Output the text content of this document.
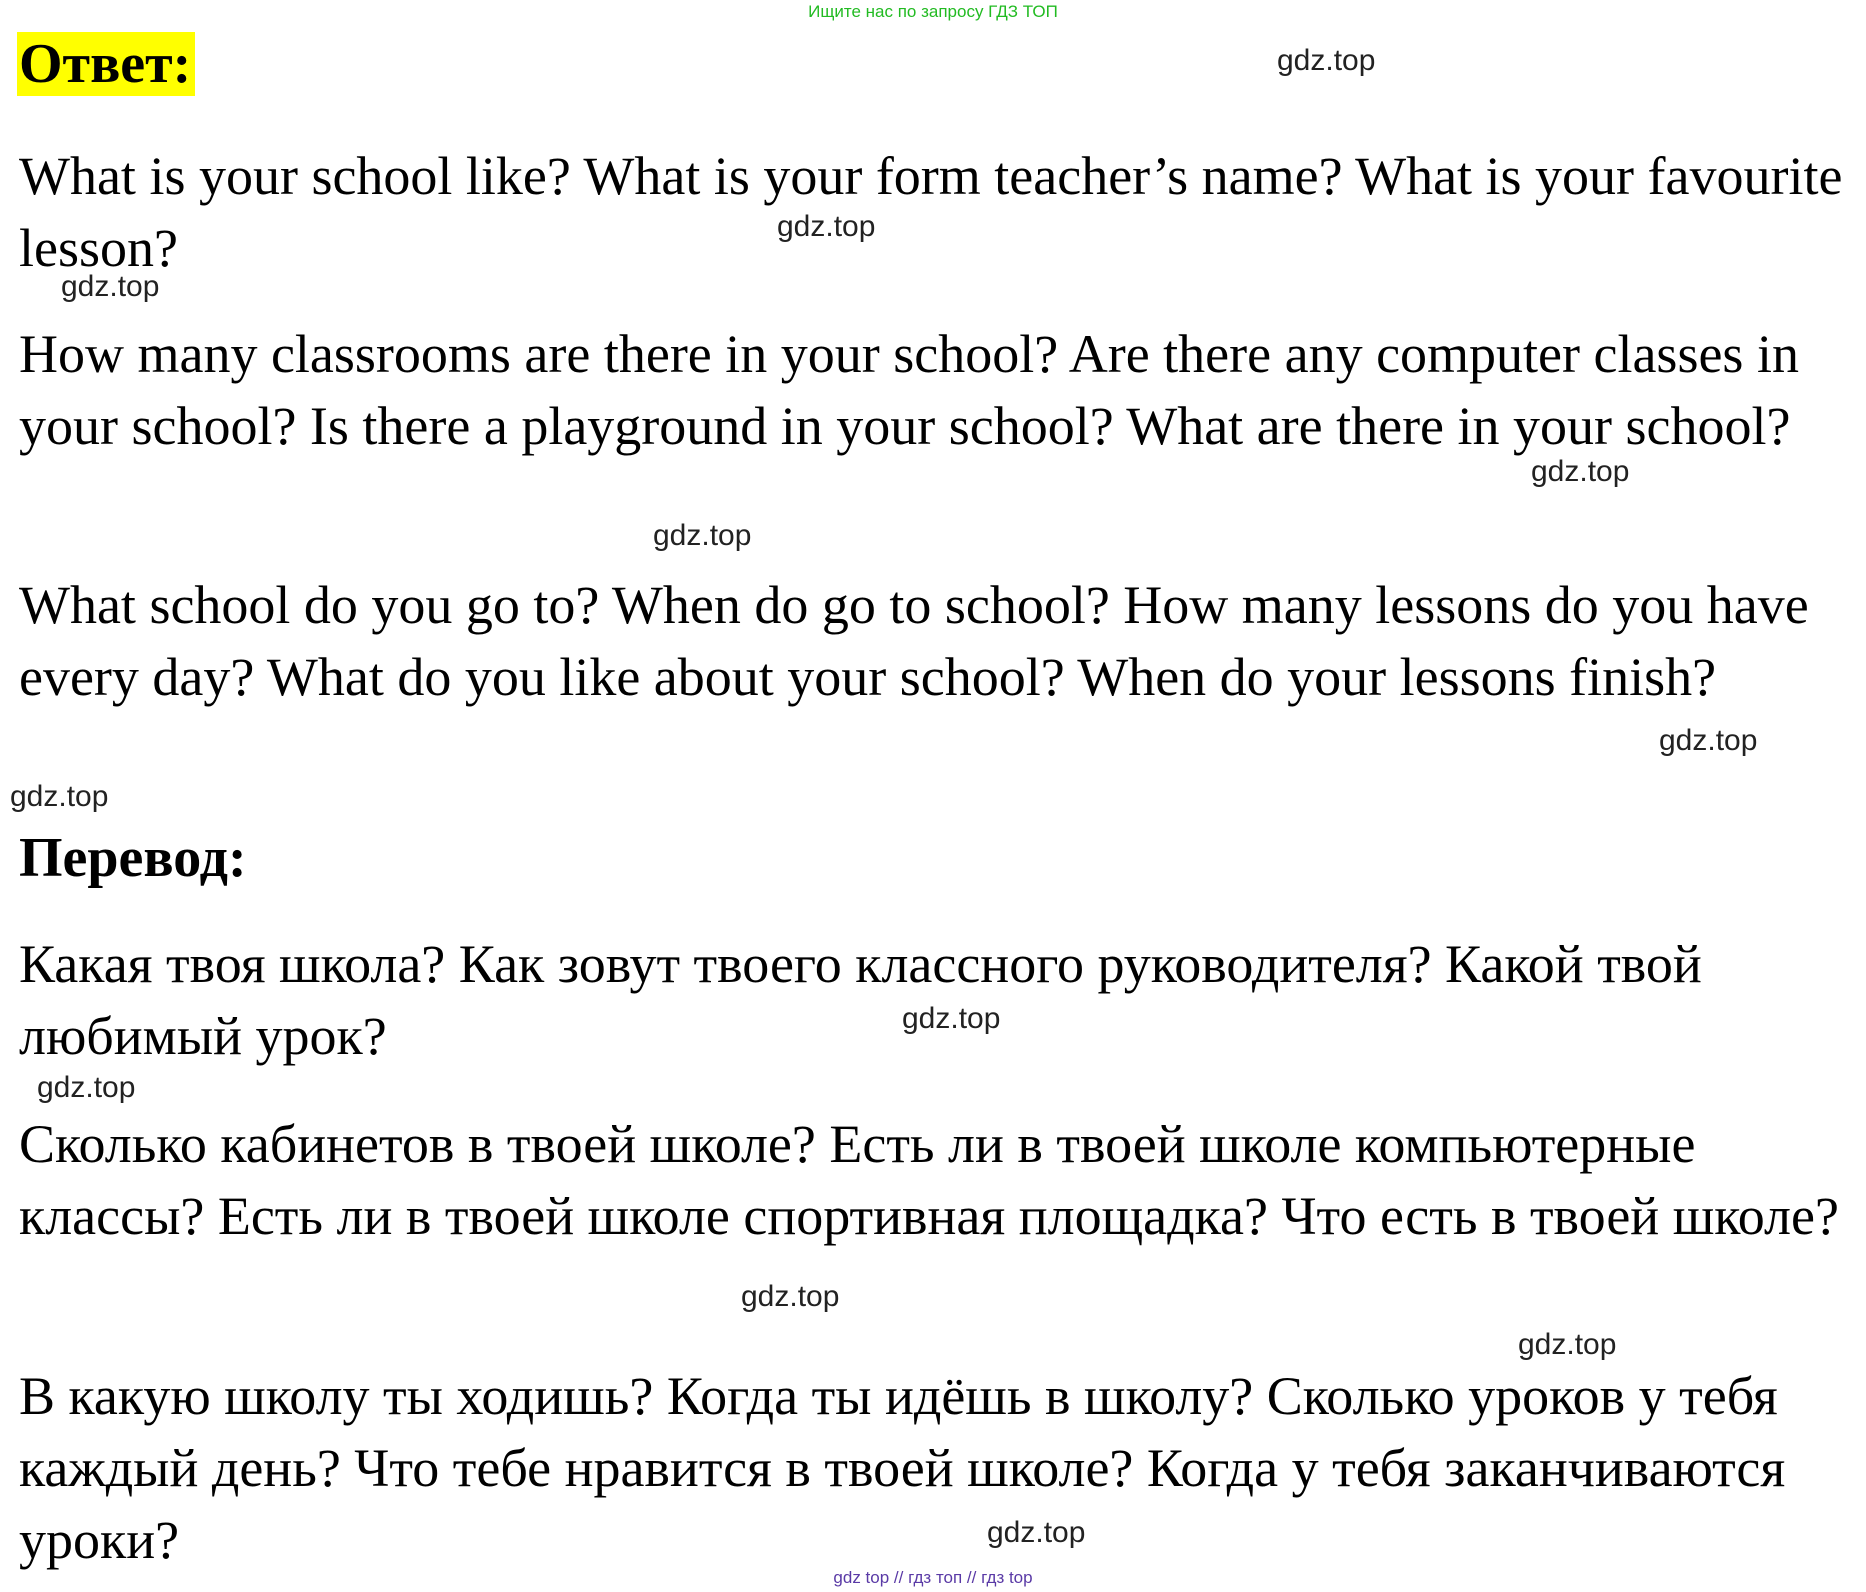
Ищите нас по запросу ГДЗ ТОП
Ответ:

What is your school like? What is your form teacher’s name? What is your favourite lesson?

How many classrooms are there in your school? Are there any computer classes in your school? Is there a playground in your school? What are there in your school?

What school do you go to? When do go to school? How many lessons do you have every day? What do you like about your school? When do your lessons finish?

Перевод:

Какая твоя школа? Как зовут твоего классного руководителя? Какой твой любимый урок?

Сколько кабинетов в твоей школе? Есть ли в твоей школе компьютерные классы? Есть ли в твоей школе спортивная площадка? Что есть в твоей школе?

В какую школу ты ходишь? Когда ты идёшь в школу? Сколько уроков у тебя каждый день? Что тебе нравится в твоей школе? Когда у тебя заканчиваются уроки?

gdz.top
gdz.top
gdz.top
gdz.top
gdz.top
gdz.top
gdz.top
gdz.top
gdz.top
gdz.top
gdz.top
gdz.top
gdz top // гдз топ // гдз top
